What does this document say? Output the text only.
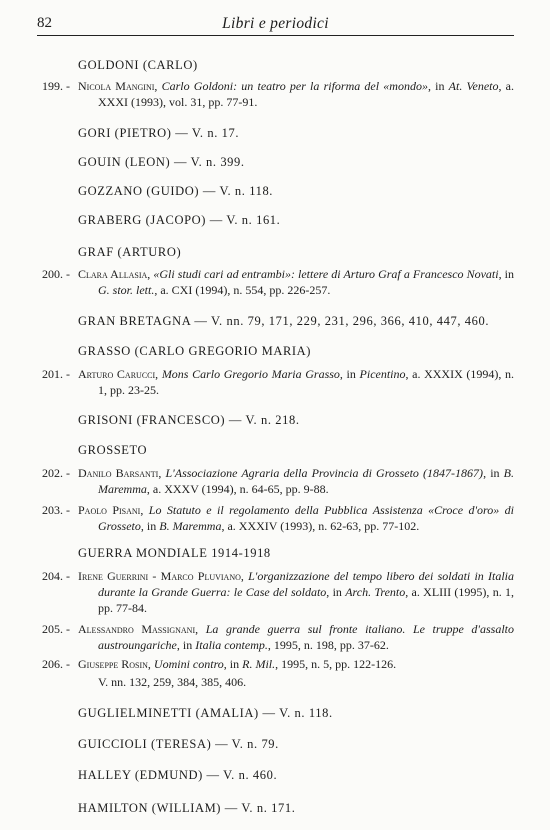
82	Libri e periodici
GOLDONI (CARLO)
199. - Nicola Mangini, Carlo Goldoni: un teatro per la riforma del «mondo», in At. Veneto, a. XXXI (1993), vol. 31, pp. 77-91.
GORI (PIETRO) — V. n. 17.
GOUIN (LEON) — V. n. 399.
GOZZANO (GUIDO) — V. n. 118.
GRABERG (JACOPO) — V. n. 161.
GRAF (ARTURO)
200. - Clara Allasia, «Gli studi cari ad entrambi»: lettere di Arturo Graf a Francesco Novati, in G. stor. lett., a. CXI (1994), n. 554, pp. 226-257.
GRAN BRETAGNA — V. nn. 79, 171, 229, 231, 296, 366, 410, 447, 460.
GRASSO (CARLO GREGORIO MARIA)
201. - Arturo Carucci, Mons Carlo Gregorio Maria Grasso, in Picentino, a. XXXIX (1994), n. 1, pp. 23-25.
GRISONI (FRANCESCO) — V. n. 218.
GROSSETO
202. - Danilo Barsanti, L'Associazione Agraria della Provincia di Grosseto (1847-1867), in B. Maremma, a. XXXV (1994), n. 64-65, pp. 9-88.
203. - Paolo Pisani, Lo Statuto e il regolamento della Pubblica Assistenza «Croce d'oro» di Grosseto, in B. Maremma, a. XXXIV (1993), n. 62-63, pp. 77-102.
GUERRA MONDIALE 1914-1918
204. - Irene Guerrini - Marco Pluviano, L'organizzazione del tempo libero dei soldati in Italia durante la Grande Guerra: le Case del soldato, in Arch. Trento, a. XLIII (1995), n. 1, pp. 77-84.
205. - Alessandro Massignani, La grande guerra sul fronte italiano. Le truppe d'assalto austroungariche, in Italia contemp., 1995, n. 198, pp. 37-62.
206. - Giuseppe Rosin, Uomini contro, in R. Mil., 1995, n. 5, pp. 122-126.
V. nn. 132, 259, 384, 385, 406.
GUGLIELMINETTI (AMALIA) — V. n. 118.
GUICCIOLI (TERESA) — V. n. 79.
HALLEY (EDMUND) — V. n. 460.
HAMILTON (WILLIAM) — V. n. 171.
